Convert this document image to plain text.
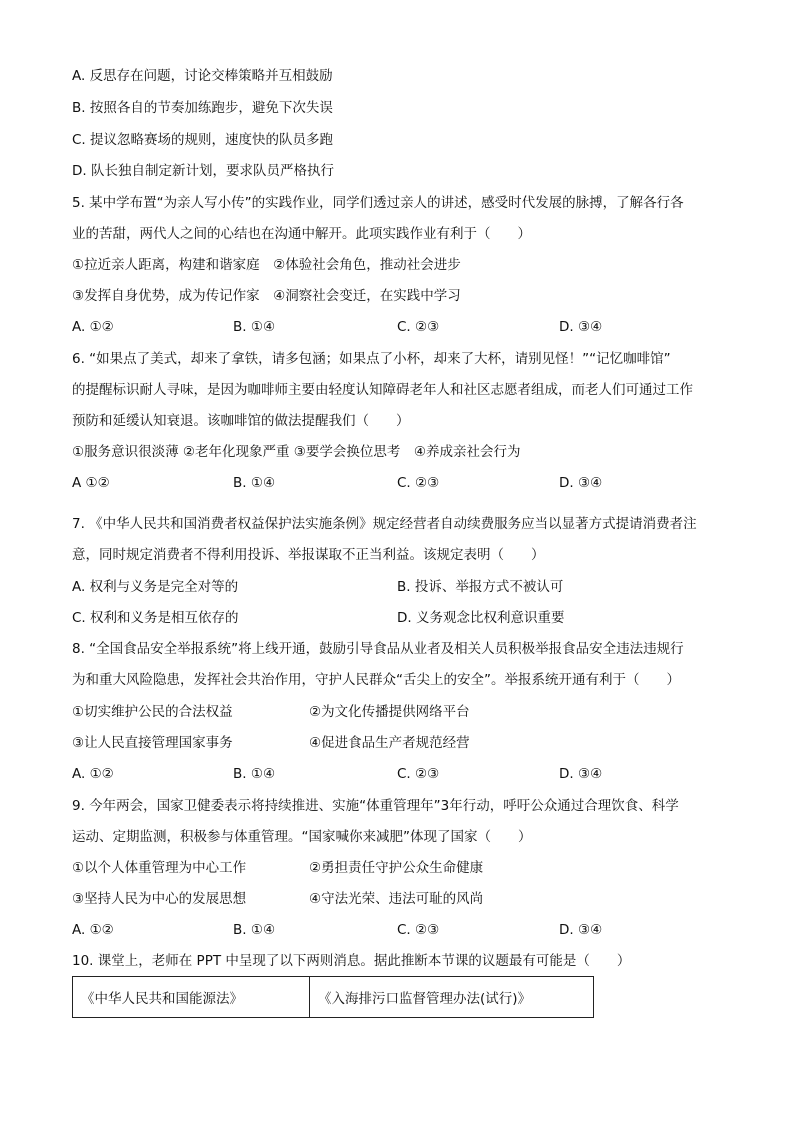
A. 反思存在问题，讨论交棒策略并互相鼓励
B. 按照各自的节奏加练跑步，避免下次失误
C. 提议忽略赛场的规则，速度快的队员多跑
D. 队长独自制定新计划，要求队员严格执行
5. 某中学布置“为亲人写小传”的实践作业，同学们透过亲人的讲述，感受时代发展的脉搏，了解各行各
业的苦甜，两代人之间的心结也在沟通中解开。此项实践作业有利于（　　）
①拉近亲人距离，构建和谐家庭　②体验社会角色，推动社会进步
③发挥自身优势，成为传记作家　④洞察社会变迁，在实践中学习
A. ①②	B. ①④	C. ②③	D. ③④
6. “如果点了美式，却来了拿铁，请多包涵；如果点了小杯，却来了大杯，请别见怪！”“记忆咖啡馆”
的提醒标识耐人寻味，是因为咖啡师主要由轻度认知障碍老年人和社区志愿者组成，而老人们可通过工作
预防和延缓认知衰退。该咖啡馆的做法提醒我们（　　）
①服务意识很淡薄 ②老年化现象严重 ③要学会换位思考　④养成亲社会行为
A ①②	B. ①④	C. ②③	D. ③④
7. 《中华人民共和国消费者权益保护法实施条例》规定经营者自动续费服务应当以显著方式提请消费者注
意，同时规定消费者不得利用投诉、举报谋取不正当利益。该规定表明（　　）
A. 权利与义务是完全对等的	B. 投诉、举报方式不被认可
C. 权利和义务是相互依存的	D. 义务观念比权利意识重要
8. “全国食品安全举报系统”将上线开通，鼓励引导食品从业者及相关人员积极举报食品安全违法违规行
为和重大风险隐患，发挥社会共治作用，守护人民群众“舌尖上的安全”。举报系统开通有利于（　　）
①切实维护公民的合法权益	②为文化传播提供网络平台
③让人民直接管理国家事务	④促进食品生产者规范经营
A. ①②	B. ①④	C. ②③	D. ③④
9. 今年两会，国家卫健委表示将持续推进、实施“体重管理年”3年行动，呼吁公众通过合理饮食、科学
运动、定期监测，积极参与体重管理。“国家喊你来减肥”体现了国家（　　）
①以个人体重管理为中心工作	②勇担责任守护公众生命健康
③坚持人民为中心的发展思想	④守法光荣、违法可耻的风尚
A. ①②	B. ①④	C. ②③	D. ③④
10. 课堂上，老师在 PPT 中呈现了以下两则消息。据此推断本节课的议题最有可能是（　　）
《中华人民共和国能源法》	《入海排污口监督管理办法(试行)》
